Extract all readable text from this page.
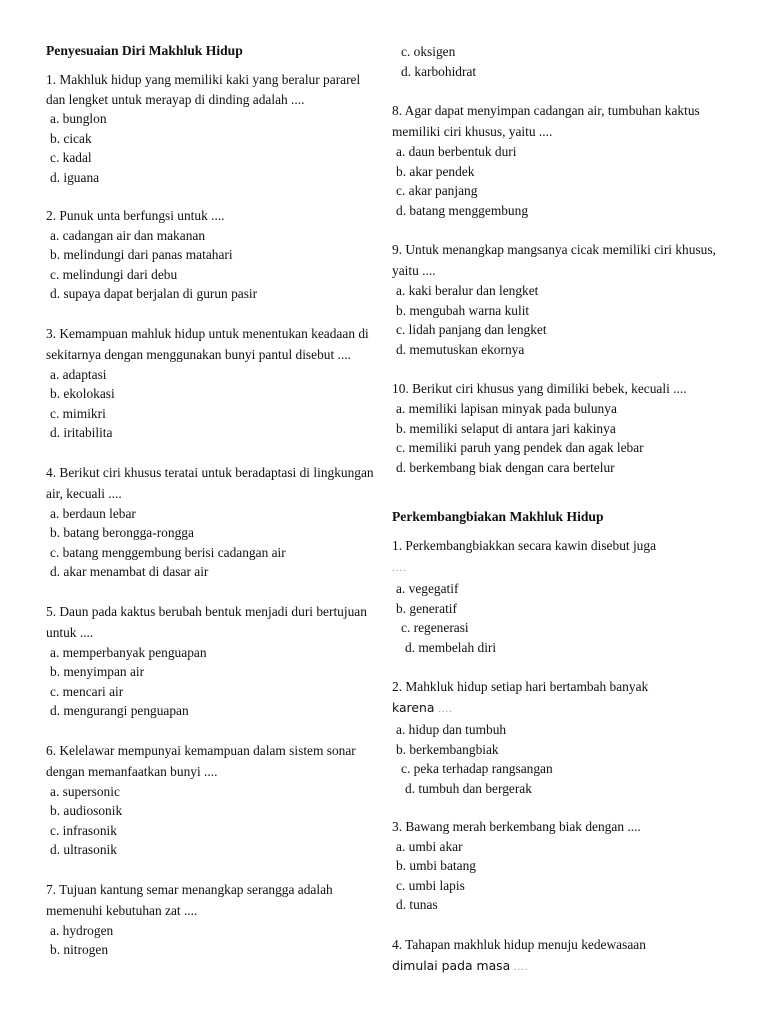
Penyesuaian Diri Makhluk Hidup
1. Makhluk hidup yang memiliki kaki yang beralur pararel dan lengket untuk merayap di dinding adalah ....
a. bunglon
b. cicak
c. kadal
d. iguana
2. Punuk unta berfungsi untuk ....
a. cadangan air dan makanan
b. melindungi dari panas matahari
c. melindungi dari debu
d. supaya dapat berjalan di gurun pasir
3. Kemampuan mahluk hidup untuk menentukan keadaan di sekitarnya dengan menggunakan bunyi pantul disebut ....
a. adaptasi
b. ekolokasi
c. mimikri
d. iritabilita
4. Berikut ciri khusus teratai untuk beradaptasi di lingkungan air, kecuali ....
a. berdaun lebar
b. batang berongga-rongga
c. batang menggembung berisi cadangan air
d. akar menambat di dasar air
5. Daun pada kaktus berubah bentuk menjadi duri bertujuan untuk ....
a. memperbanyak penguapan
b. menyimpan air
c. mencari air
d. mengurangi penguapan
6. Kelelawar mempunyai kemampuan dalam sistem sonar dengan memanfaatkan bunyi ....
a. supersonic
b. audiosonik
c. infrasonik
d. ultrasonik
7. Tujuan kantung semar menangkap serangga adalah memenuhi kebutuhan zat ....
a. hydrogen
b. nitrogen
c. oksigen
d. karbohidrat
8. Agar dapat menyimpan cadangan air, tumbuhan kaktus memiliki ciri khusus, yaitu ....
a. daun berbentuk duri
b. akar pendek
c. akar panjang
d. batang menggembung
9. Untuk menangkap mangsanya cicak memiliki ciri khusus, yaitu ....
a. kaki beralur dan lengket
b. mengubah warna kulit
c. lidah panjang dan lengket
d. memutuskan ekornya
10. Berikut ciri khusus yang dimiliki bebek, kecuali ....
a. memiliki lapisan minyak pada bulunya
b. memiliki selaput di antara jari kakinya
c. memiliki paruh yang pendek dan agak lebar
d. berkembang biak dengan cara bertelur
Perkembangbiakan Makhluk Hidup
1. Perkembangbiakkan secara kawin disebut juga
....
a. vegegatif
b. generatif
c. regenerasi
d. membelah diri
2. Mahkluk hidup setiap hari bertambah banyak
karena ....
a. hidup dan tumbuh
b. berkembangbiak
c. peka terhadap rangsangan
d. tumbuh dan bergerak
3. Bawang merah berkembang biak dengan ....
a. umbi akar
b. umbi batang
c. umbi lapis
d. tunas
4. Tahapan makhluk hidup menuju kedewasaan
dimulai pada masa ....
